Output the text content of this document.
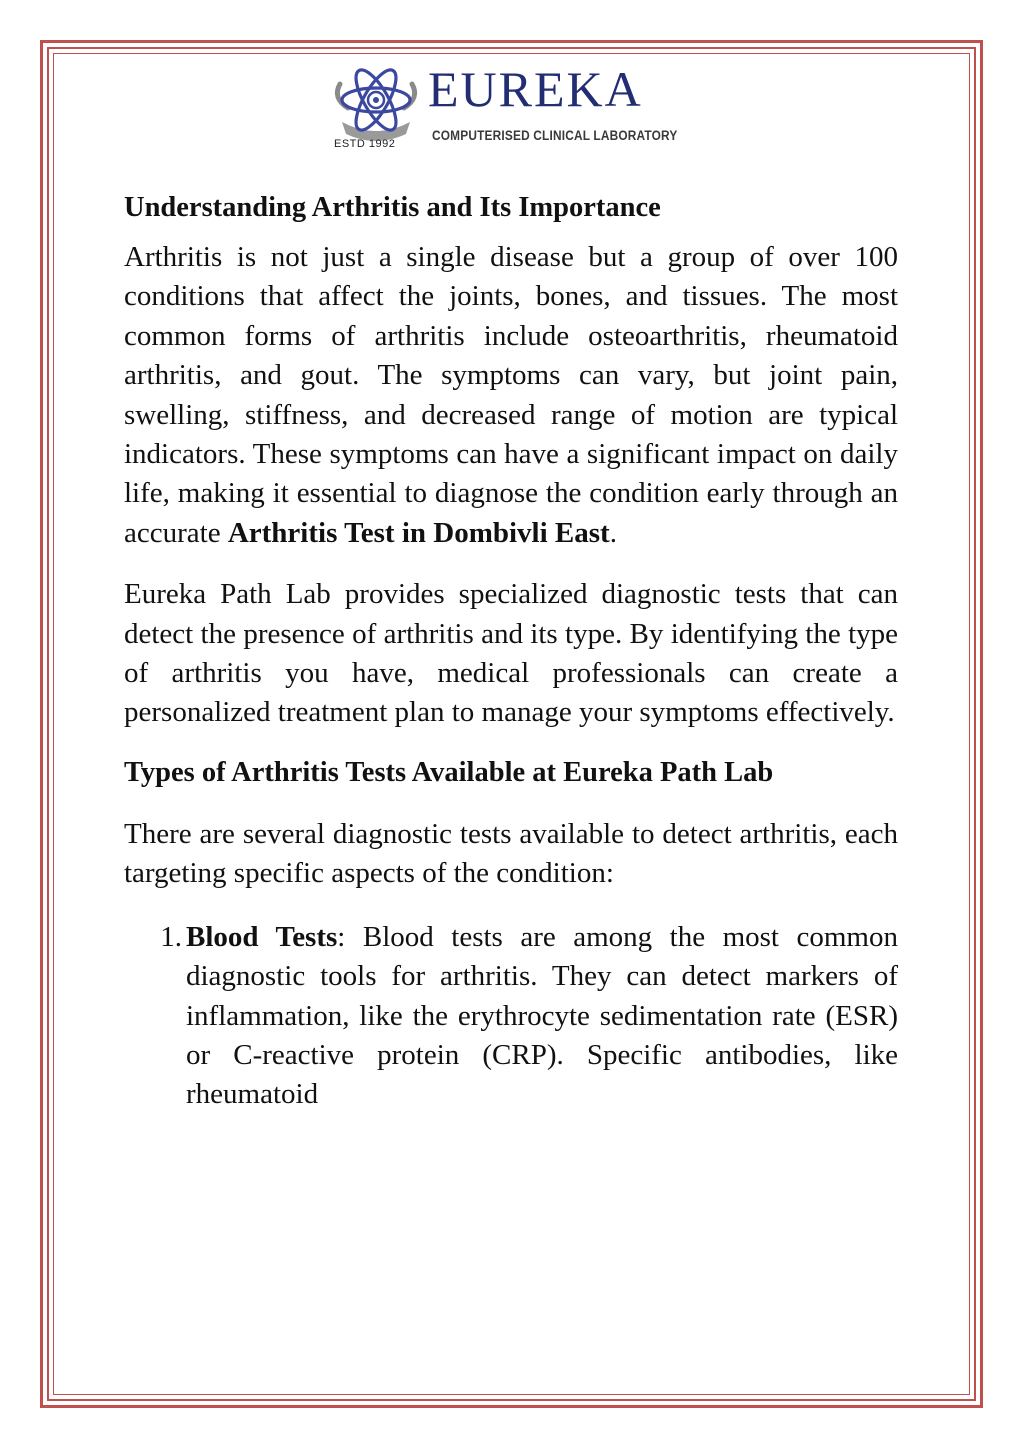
EUREKA
COMPUTERISED CLINICAL LABORATORY
ESTD 1992
Understanding Arthritis and Its Importance

Arthritis is not just a single disease but a group of over 100 conditions that affect the joints, bones, and tissues. The most common forms of arthritis include osteoarthritis, rheumatoid arthritis, and gout. The symptoms can vary, but joint pain, swelling, stiffness, and decreased range of motion are typical indicators. These symptoms can have a significant impact on daily life, making it essential to diagnose the condition early through an accurate Arthritis Test in Dombivli East.

Eureka Path Lab provides specialized diagnostic tests that can detect the presence of arthritis and its type. By identifying the type of arthritis you have, medical professionals can create a personalized treatment plan to manage your symptoms effectively.

Types of Arthritis Tests Available at Eureka Path Lab

There are several diagnostic tests available to detect arthritis, each targeting specific aspects of the condition:

1. Blood Tests: Blood tests are among the most common diagnostic tools for arthritis. They can detect markers of inflammation, like the erythrocyte sedimentation rate (ESR) or C-reactive protein (CRP). Specific antibodies, like rheumatoid
